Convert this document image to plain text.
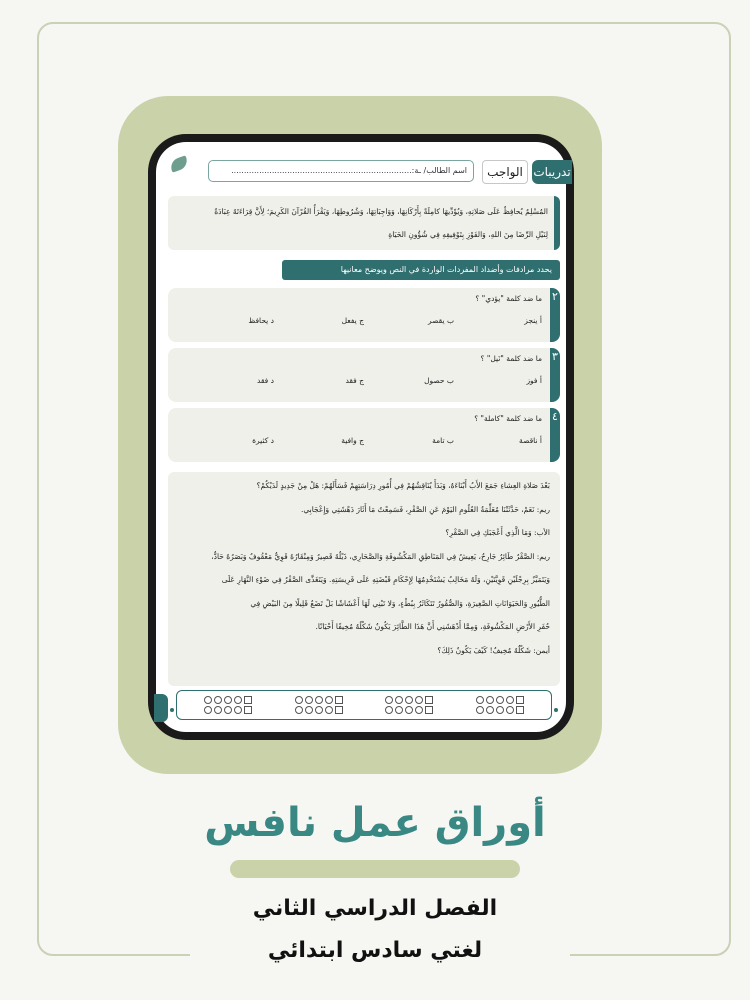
تدريبات
الواجب
اسم الطالب/ ـة:.......................................................................
المُسْلِمُ يُحافِظُ عَلَى صَلاتِهِ، وَيُؤَدِّيهَا كامِلَةً بِأَرْكَانِهَا، وَوَاجِبَاتِهَا، وَشُرُوطِهَا، وَيَقْرَأُ القُرْآنَ الكَرِيمَ؛ لِأَنَّ قِرَاءَتَهُ عِبَادَةٌ
لِنَيْلِ الرِّضَا مِنَ اللهِ، وَالفَوْزِ بِتَوْفِيقِهِ فِي شُؤُونِ الحَيَاةِ
يحدد مرادفات وأضداد المفردات الواردة في النص ويوضح معانيها
٢
ما ضد كلمة "يؤدي" ؟
أ ينجز
ب يقصر
ج يفعل
د يحافظ
٣
ما ضد كلمة "نَيل" ؟
أ فوز
ب حصول
ج فقد
د فقد
٤
ما ضد كلمة "كاملة" ؟
أ ناقصة
ب تامة
ج وافية
د كثيرة

بَعْدَ صَلاةِ العِشاءِ جَمَعَ الأَبُ أَبْنَاءَهُ، وَبَدَأَ يُنَاقِشُهُمْ فِي أُمُورِ دِرَاسَتِهِمْ فَسَأَلَهُمْ: هَلْ مِنْ جَدِيدٍ لَدَيْكُمْ؟

ريم: نَعَمْ، حَدَّثَتْنَا مُعَلِّمَةُ العُلُومِ اليَوْمَ عَنِ الصَّقْرِ، فَسَمِعْتُ مَا أَثَارَ دَهْشَتِي وَإِعْجَابِي.

الأب: وَمَا الَّذِي أَعْجَبَكِ فِي الصَّقْرِ؟

ريم: الصَّقْرُ طَائِرٌ جَارِحٌ، يَعِيشُ فِي المَنَاطِقِ المَكْشُوفَةِ وَالصَّحَارِي، ذَيْلُهُ قَصِيرٌ وَمِنْقَارُهُ قَوِيٌّ مَعْقُوفٌ وَبَصَرُهُ حَادٌّ،

وَيَتَمَيَّزُ بِرِجْلَيْنِ قَوِيَّتَيْنِ، وَلَهُ مَخَالِبُ يَسْتَخْدِمُهَا لِإِحْكَامِ قَبْضَتِهِ عَلَى فَرِيسَتِهِ. وَيَتَغَذَّى الصَّقْرُ فِي ضَوْءِ النَّهَارِ عَلَى

الطُّيُورِ وَالحَيَوَانَاتِ الصَّغِيرَةِ، وَالصُّقُورُ تَتَكَاثَرُ بِبُطْءٍ، وَلا تَبْنِي لَهَا أَعْشَاشًا بَلْ تَضَعُ قَلِيلًا مِنَ البَيْضِ فِي

حُفَرِ الأَرْضِ المَكْشُوفَةِ، وَمِمَّا أَدْهَشَنِي أَنَّ هَذَا الطَّائِرَ يَكُونُ شَكْلُهُ مُخِيفًا أَحْيَانًا.

أيمن: شَكْلُهُ مُخِيفٌ! كَيْفَ يَكُونُ ذَلِكَ؟

أوراق عمل نافس
الفصل الدراسي الثاني
لغتي سادس ابتدائي
